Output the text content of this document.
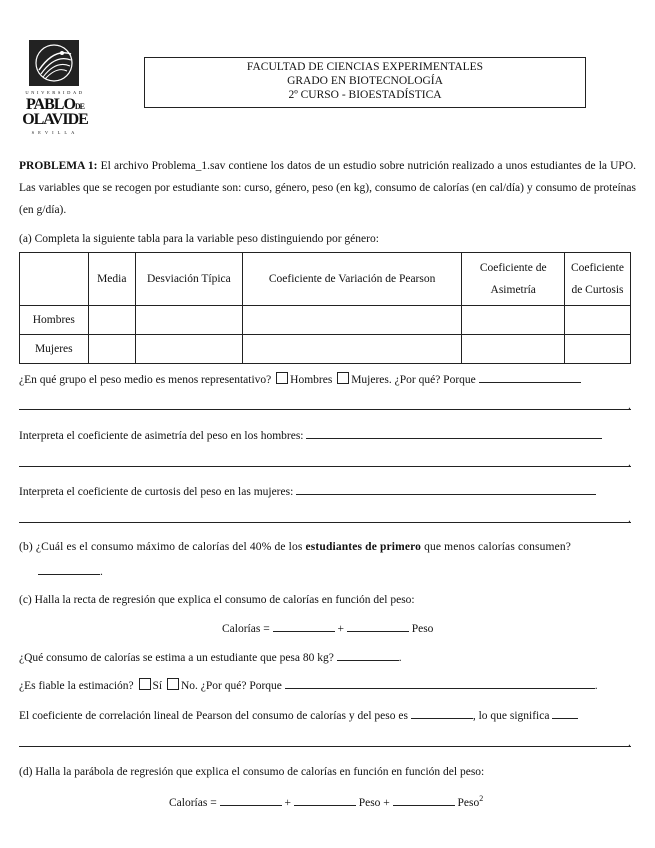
UNIVERSIDAD
PABLODE
OLAVIDE
SEVILLA
FACULTAD DE CIENCIAS EXPERIMENTALES
GRADO EN BIOTECNOLOGÍA
2º CURSO - BIOESTADÍSTICA
PROBLEMA 1: El archivo Problema_1.sav contiene los datos de un estudio sobre nutrición realizado a unos estudiantes de la UPO. Las variables que se recogen por estudiante son: curso, género, peso (en kg), consumo de calorías (en cal/día) y consumo de proteínas (en g/día).
(a) Completa la siguiente tabla para la variable peso distinguiendo por género:
	Media	Desviación Típica	Coeficiente de Variación de Pearson	Coeficiente de Asimetría	Coeficiente de Curtosis
Hombres					
Mujeres					
¿En qué grupo el peso medio es menos representativo? Hombres Mujeres. ¿Por qué? Porque
.
Interpreta el coeficiente de asimetría del peso en los hombres:
.
Interpreta el coeficiente de curtosis del peso en las mujeres:
.
(b) ¿Cuál es el consumo máximo de calorías del 40% de los estudiantes de primero que menos calorías consumen?
.
(c) Halla la recta de regresión que explica el consumo de calorías en función del peso:
Calorías =	+	Peso
¿Qué consumo de calorías se estima a un estudiante que pesa 80 kg?	.
¿Es fiable la estimación? Sí No. ¿Por qué? Porque	.
El coeficiente de correlación lineal de Pearson del consumo de calorías y del peso es	, lo que significa
.
(d) Halla la parábola de regresión que explica el consumo de calorías en función en función del peso:
Calorías =	+	Peso +	Peso$^2$
